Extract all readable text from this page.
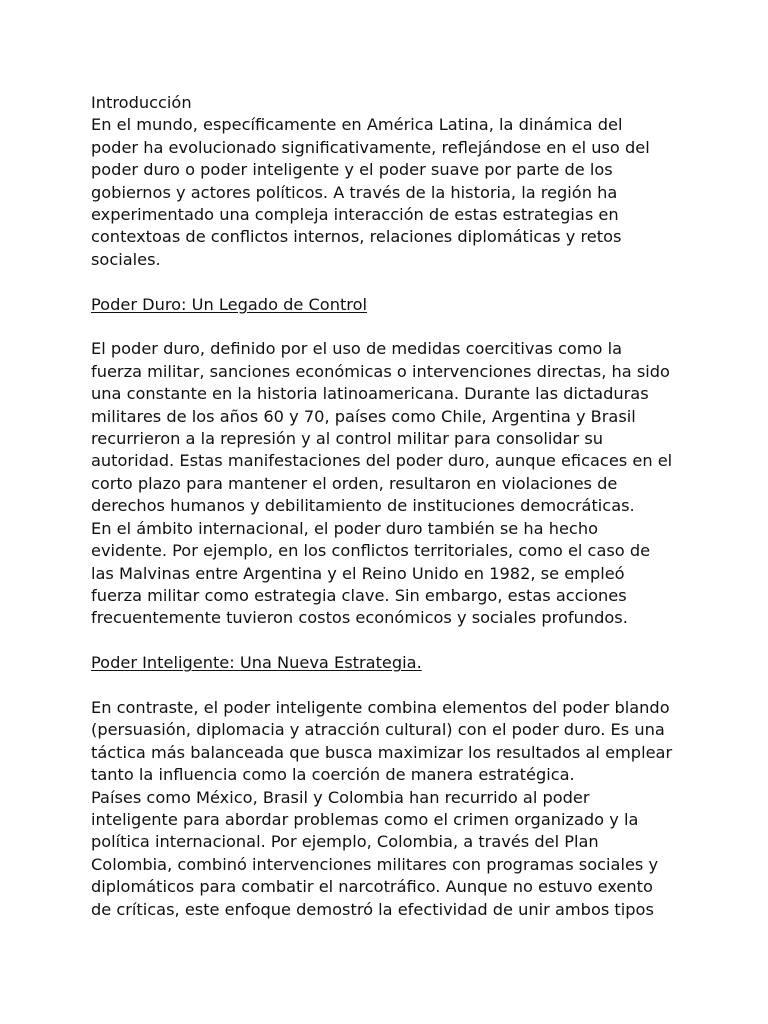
Introducción

En el mundo, específicamente en América Latina, la dinámica del
poder ha evolucionado significativamente, reflejándose en el uso del
poder duro o poder inteligente y el poder suave por parte de los
gobiernos y actores políticos. A través de la historia, la región ha
experimentado una compleja interacción de estas estrategias en
contextoas de conflictos internos, relaciones diplomáticas y retos
sociales.

Poder Duro: Un Legado de Control

El poder duro, definido por el uso de medidas coercitivas como la
fuerza militar, sanciones económicas o intervenciones directas, ha sido
una constante en la historia latinoamericana. Durante las dictaduras
militares de los años 60 y 70, países como Chile, Argentina y Brasil
recurrieron a la represión y al control militar para consolidar su
autoridad. Estas manifestaciones del poder duro, aunque eficaces en el
corto plazo para mantener el orden, resultaron en violaciones de
derechos humanos y debilitamiento de instituciones democráticas.

En el ámbito internacional, el poder duro también se ha hecho
evidente. Por ejemplo, en los conflictos territoriales, como el caso de
las Malvinas entre Argentina y el Reino Unido en 1982, se empleó
fuerza militar como estrategia clave. Sin embargo, estas acciones
frecuentemente tuvieron costos económicos y sociales profundos.

Poder Inteligente: Una Nueva Estrategia.

En contraste, el poder inteligente combina elementos del poder blando
(persuasión, diplomacia y atracción cultural) con el poder duro. Es una
táctica más balanceada que busca maximizar los resultados al emplear
tanto la influencia como la coerción de manera estratégica.

Países como México, Brasil y Colombia han recurrido al poder
inteligente para abordar problemas como el crimen organizado y la
política internacional. Por ejemplo, Colombia, a través del Plan
Colombia, combinó intervenciones militares con programas sociales y
diplomáticos para combatir el narcotráfico. Aunque no estuvo exento
de críticas, este enfoque demostró la efectividad de unir ambos tipos
